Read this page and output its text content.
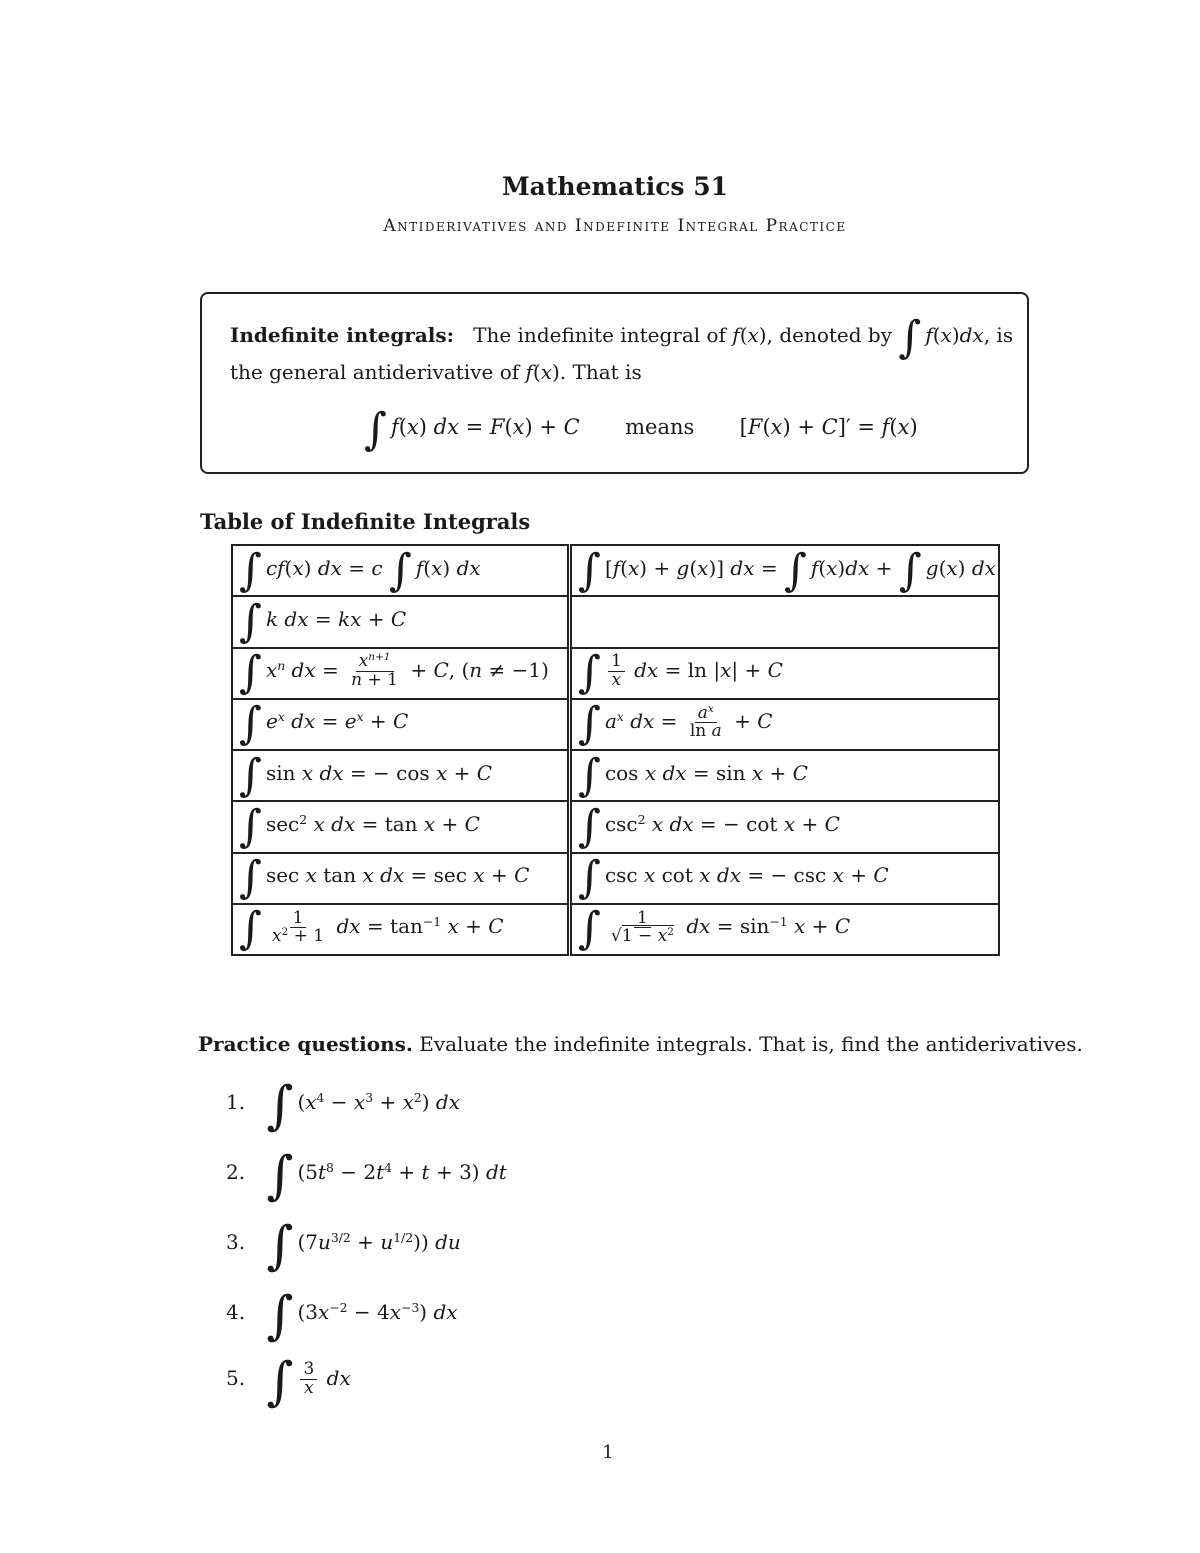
Mathematics 51
Antiderivatives and Indefinite Integral Practice
Indefinite integrals: The indefinite integral of f(x), denoted by ∫ f(x)dx, is
the general antiderivative of f(x). That is
∫ f(x) dx = F(x) + C means [F(x) + C]′ = f(x)
Table of Indefinite Integrals
∫ cf(x) dx = c ∫ f(x) dx	∫ [f(x) + g(x)] dx = ∫ f(x)dx + ∫ g(x) dx
∫ k dx = kx + C	
∫ $x^n$ dx = $\frac{x^{n+1}}{n + 1} + C$, (n ≠ −1)	∫ $\frac{1}{x}$ dx = ln |x| + C
∫ $e^x$ dx = $e^x + C$	∫ $a^x$ dx = $\frac{a^x}{\text{ln a}} + C$
∫ sin x dx = − cos x + C	∫ cos x dx = sin x + C
∫ $\sec^2 x$ dx = tan x + C	∫ $\csc^2 x$ dx = − cot x + C
∫ sec x tan x dx = sec x + C	∫ csc x cot x dx = − csc x + C
∫ $\frac{1}{x^2 + 1}$ dx = $\tan^{-1} x + C$	∫ $\frac{1}{√1 - x^2}$ dx = $\sin^{-1} x + C$
Practice questions. Evaluate the indefinite integrals. That is, find the antiderivatives.
1. ∫ $(x^4 - x^3 + x^2)$ dx
2. ∫ $(5t^8 - 2t^4 + t + 3)$ dt
3. ∫ $(7u^{3/2} + u^{1/2})$) du
4. ∫ $(3x^{-2} - 4x^{-3})$ dx
5. ∫ $\frac{3}{x}$ dx
1
